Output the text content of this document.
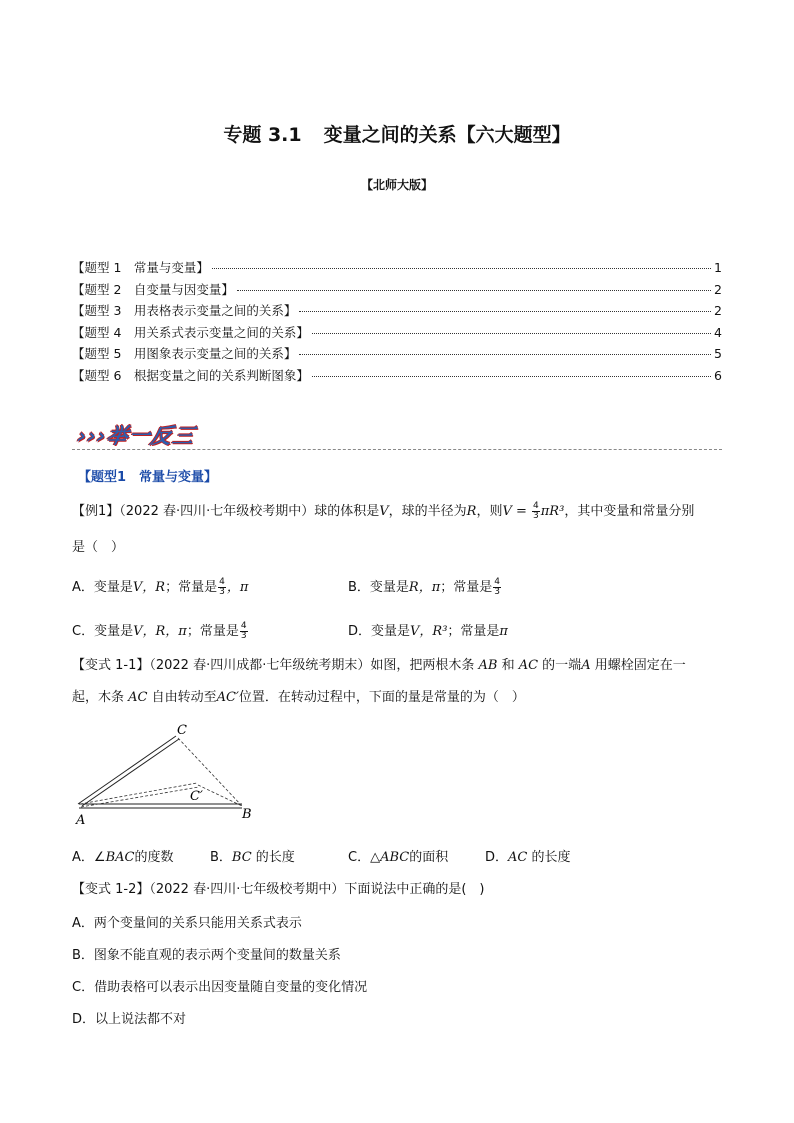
专题 3.1 变量之间的关系【六大题型】
【北师大版】
【题型 1　常量与变量】	1
【题型 2　自变量与因变量】	2
【题型 3　用表格表示变量之间的关系】	2
【题型 4　用关系式表示变量之间的关系】	4
【题型 5　用图象表示变量之间的关系】	5
【题型 6　根据变量之间的关系判断图象】	6
›››举一反三
【题型1　常量与变量】
【例1】（2022 春·四川·七年级校考期中）球的体积是V，球的半径为R，则$V = \frac{4}{3} \pi R^3$，其中变量和常量分别
是（　）
A．变量是V，R；常量是 $\frac{4}{3}$ ，π	B．变量是R，π；常量是 $\frac{4}{3}$
C．变量是V，R，π；常量是 $\frac{4}{3}$	D．变量是V，R³；常量是π
【变式 1-1】（2022 春·四川成都·七年级统考期末）如图，把两根木条 AB 和 AC 的一端A 用螺栓固定在一
起，木条 AC 自由转动至AC′位置．在转动过程中，下面的量是常量的为（　）
C
C′
A	B
A．∠BAC的度数	B．BC 的长度	C．△ABC的面积	D．AC 的长度
【变式 1-2】（2022 春·四川·七年级校考期中）下面说法中正确的是(　)
A．两个变量间的关系只能用关系式表示
B．图象不能直观的表示两个变量间的数量关系
C．借助表格可以表示出因变量随自变量的变化情况
D．以上说法都不对
